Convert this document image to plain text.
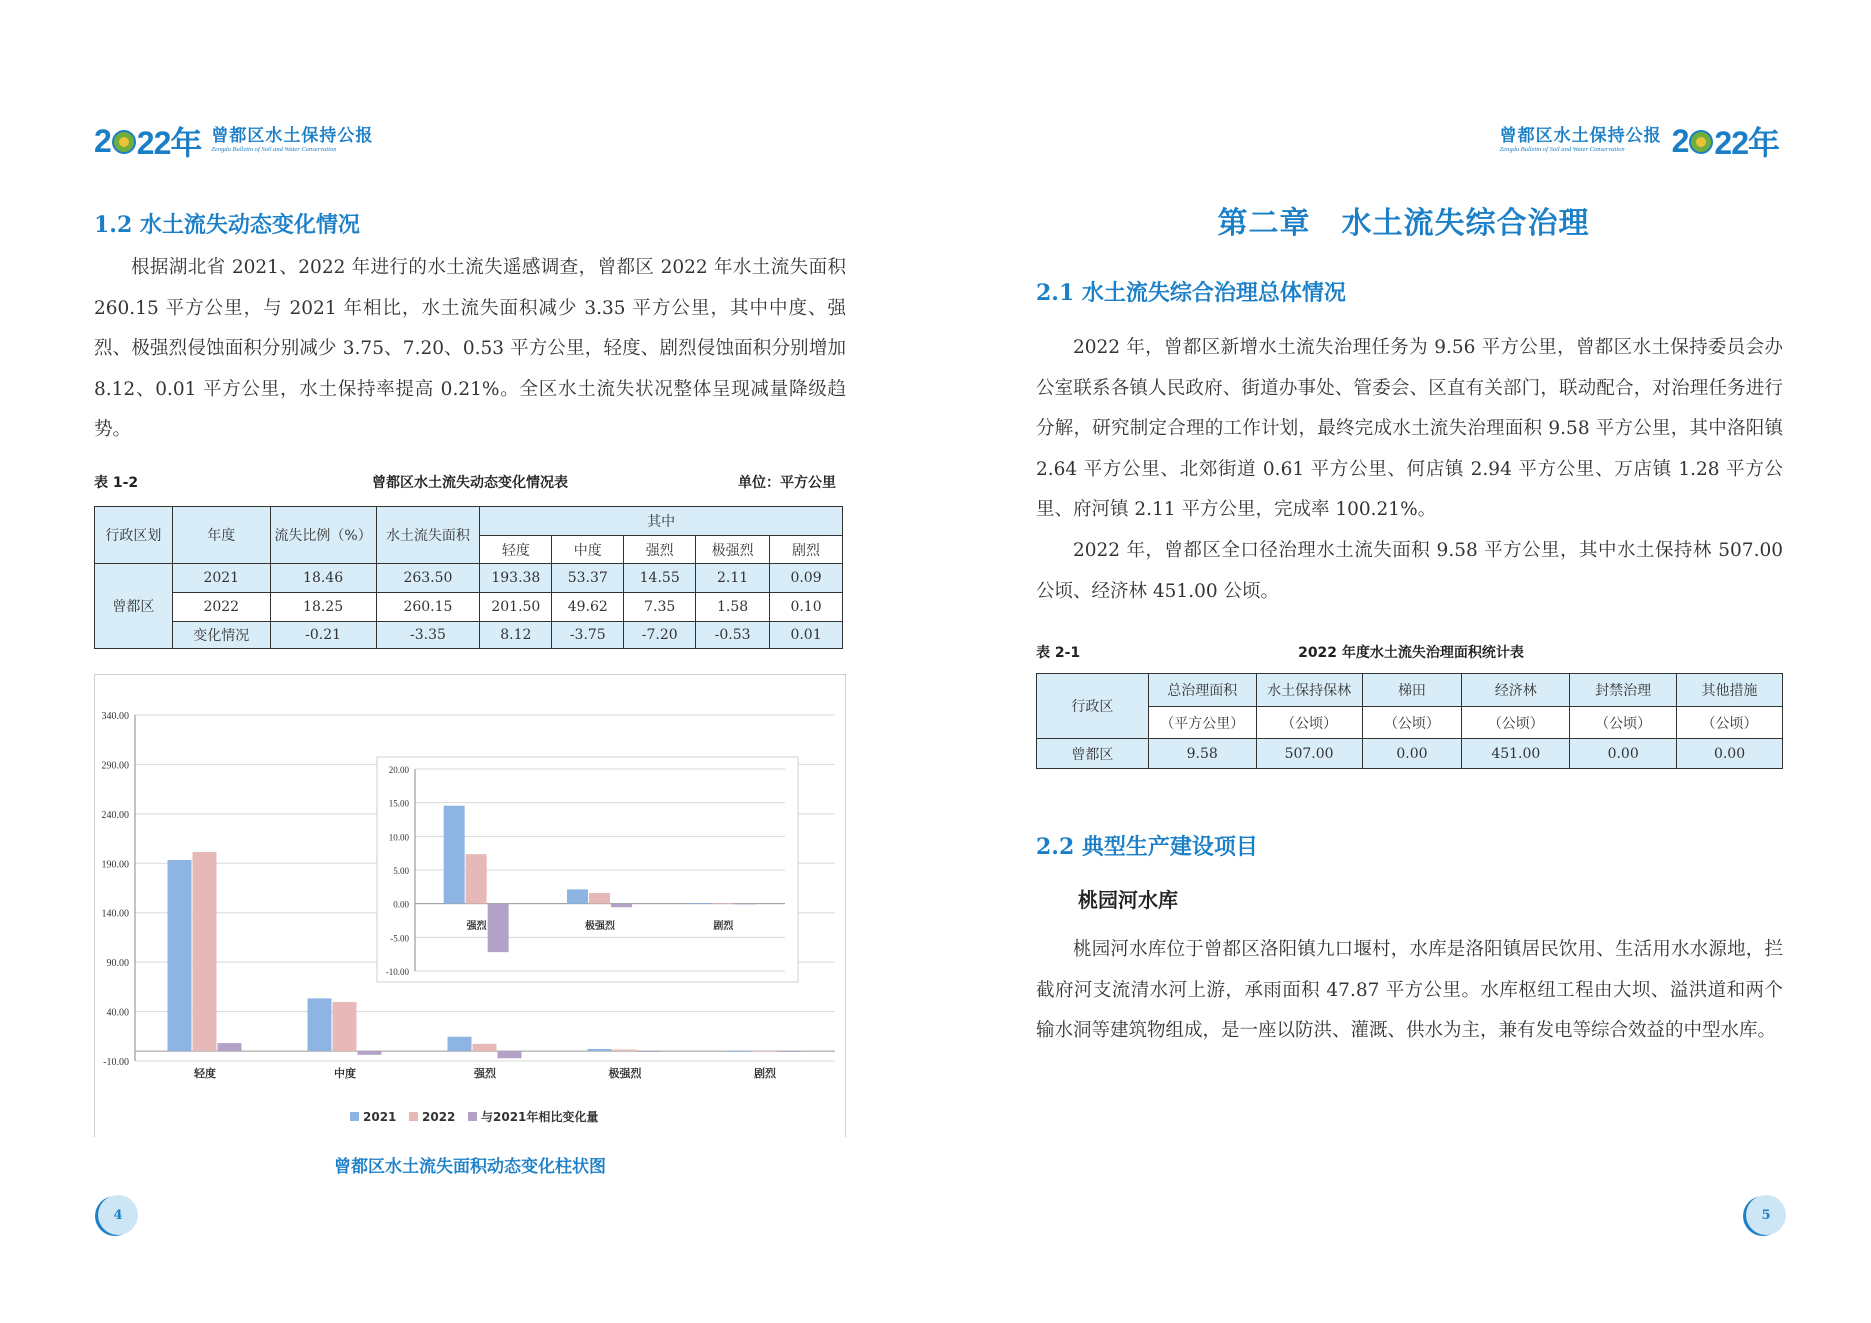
2 22年 曾都区水土保持公报
Zengdu Bulletin of Soil and Water Conservation
1.2 水土流失动态变化情况
根据湖北省 2021、2022 年进行的水土流失遥感调查，曾都区 2022 年水土流失面积 260.15 平方公里，与 2021 年相比，水土流失面积减少 3.35 平方公里，其中中度、强烈、极强烈侵蚀面积分别减少 3.75、7.20、0.53 平方公里，轻度、剧烈侵蚀面积分别增加 8.12、0.01 平方公里，水土保持率提高 0.21%。全区水土流失状况整体呈现减量降级趋势。
表 1-2	曾都区水土流失动态变化情况表	单位：平方公里
行政区划	年度	流失比例（%）	水土流失面积	其中				
				轻度	中度	强烈	极强烈	剧烈
曾都区	2021	18.46	263.50	193.38	53.37	14.55	2.11	0.09
	2022	18.25	260.15	201.50	49.62	7.35	1.58	0.10
	变化情况	-0.21	-3.35	8.12	-3.75	-7.20	-0.53	0.01
340.00
290.00
240.00
190.00
140.00
90.00
40.00
-10.00
轻度	中度	强烈	极强烈	剧烈
20.00
15.00
10.00
5.00
0.00
-5.00
-10.00
强烈	极强烈	剧烈
2021 2022 与2021年相比变化量
曾都区水土流失面积动态变化柱状图
4
曾都区水土保持公报
Zengdu Bulletin of Soil and Water Conservation	2 22年
第二章　水土流失综合治理
2.1 水土流失综合治理总体情况
2022 年，曾都区新增水土流失治理任务为 9.56 平方公里，曾都区水土保持委员会办公室联系各镇人民政府、街道办事处、管委会、区直有关部门，联动配合，对治理任务进行分解，研究制定合理的工作计划，最终完成水土流失治理面积 9.58 平方公里，其中洛阳镇 2.64 平方公里、北郊街道 0.61 平方公里、何店镇 2.94 平方公里、万店镇 1.28 平方公里、府河镇 2.11 平方公里，完成率 100.21%。
2022 年，曾都区全口径治理水土流失面积 9.58 平方公里，其中水土保持林 507.00 公顷、经济林 451.00 公顷。
表 2-1	2022 年度水土流失治理面积统计表
行政区	总治理面积	水土保持保林	梯田	经济林	封禁治理	其他措施
	（平方公里）	（公顷）	（公顷）	（公顷）	（公顷）	（公顷）
曾都区	9.58	507.00	0.00	451.00	0.00	0.00
2.2 典型生产建设项目
桃园河水库
桃园河水库位于曾都区洛阳镇九口堰村，水库是洛阳镇居民饮用、生活用水水源地，拦截府河支流清水河上游，承雨面积 47.87 平方公里。水库枢纽工程由大坝、溢洪道和两个输水洞等建筑物组成，是一座以防洪、灌溉、供水为主，兼有发电等综合效益的中型水库。
5
